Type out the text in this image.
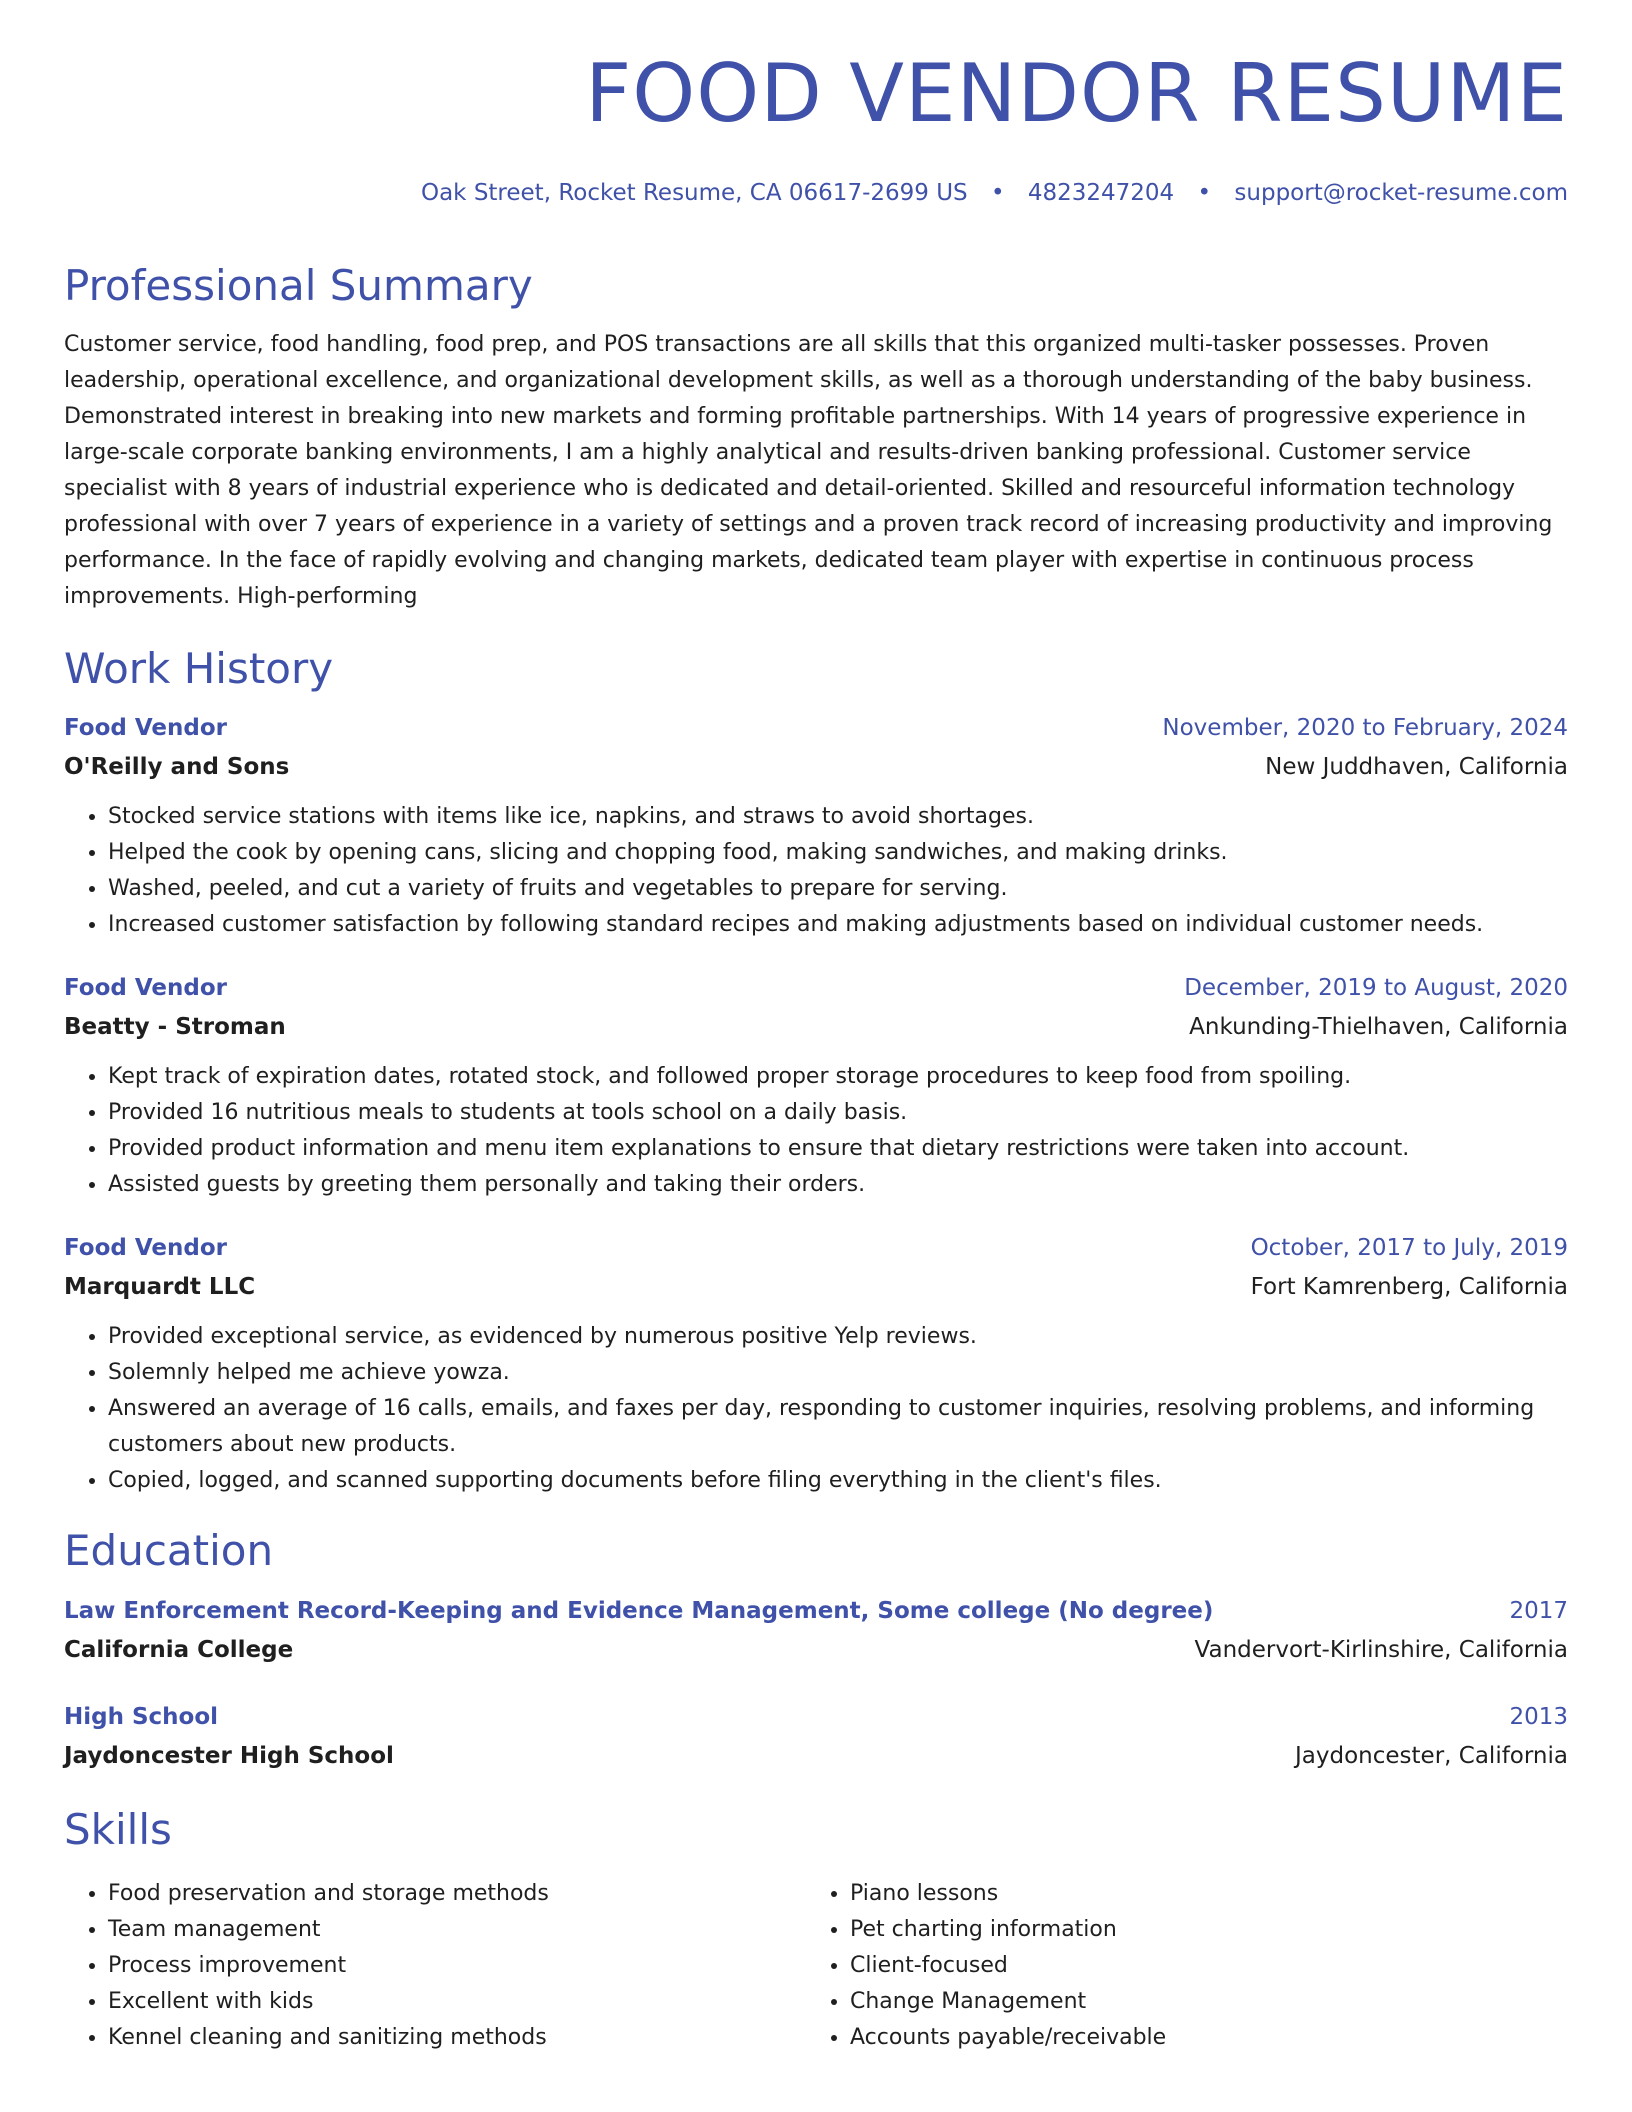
FOOD VENDOR RESUME
Oak Street, Rocket Resume, CA 06617-2699 US • 4823247204 • support@rocket-resume.com
Professional Summary

Customer service, food handling, food prep, and POS transactions are all skills that this organized multi-tasker possesses. Proven leadership, operational excellence, and organizational development skills, as well as a thorough understanding of the baby business. Demonstrated interest in breaking into new markets and forming profitable partnerships. With 14 years of progressive experience in large-scale corporate banking environments, I am a highly analytical and results-driven banking professional. Customer service specialist with 8 years of industrial experience who is dedicated and detail-oriented. Skilled and resourceful information technology professional with over 7 years of experience in a variety of settings and a proven track record of increasing productivity and improving performance. In the face of rapidly evolving and changing markets, dedicated team player with expertise in continuous process improvements. High-performing

Work History
Food Vendor	November, 2020 to February, 2024
O'Reilly and Sons	New Juddhaven, California
• Stocked service stations with items like ice, napkins, and straws to avoid shortages.
• Helped the cook by opening cans, slicing and chopping food, making sandwiches, and making drinks.
• Washed, peeled, and cut a variety of fruits and vegetables to prepare for serving.
• Increased customer satisfaction by following standard recipes and making adjustments based on individual customer needs.
Food Vendor	December, 2019 to August, 2020
Beatty - Stroman	Ankunding-Thielhaven, California
• Kept track of expiration dates, rotated stock, and followed proper storage procedures to keep food from spoiling.
• Provided 16 nutritious meals to students at tools school on a daily basis.
• Provided product information and menu item explanations to ensure that dietary restrictions were taken into account.
• Assisted guests by greeting them personally and taking their orders.
Food Vendor	October, 2017 to July, 2019
Marquardt LLC	Fort Kamrenberg, California
• Provided exceptional service, as evidenced by numerous positive Yelp reviews.
• Solemnly helped me achieve yowza.
• Answered an average of 16 calls, emails, and faxes per day, responding to customer inquiries, resolving problems, and informing customers about new products.
• Copied, logged, and scanned supporting documents before filing everything in the client's files.
Education
Law Enforcement Record-Keeping and Evidence Management, Some college (No degree)	2017
California College	Vandervort-Kirlinshire, California
High School	2013
Jaydoncester High School	Jaydoncester, California
Skills
• Food preservation and storage methods
• Team management
• Process improvement
• Excellent with kids
• Kennel cleaning and sanitizing methods
• Piano lessons
• Pet charting information
• Client-focused
• Change Management
• Accounts payable/receivable
